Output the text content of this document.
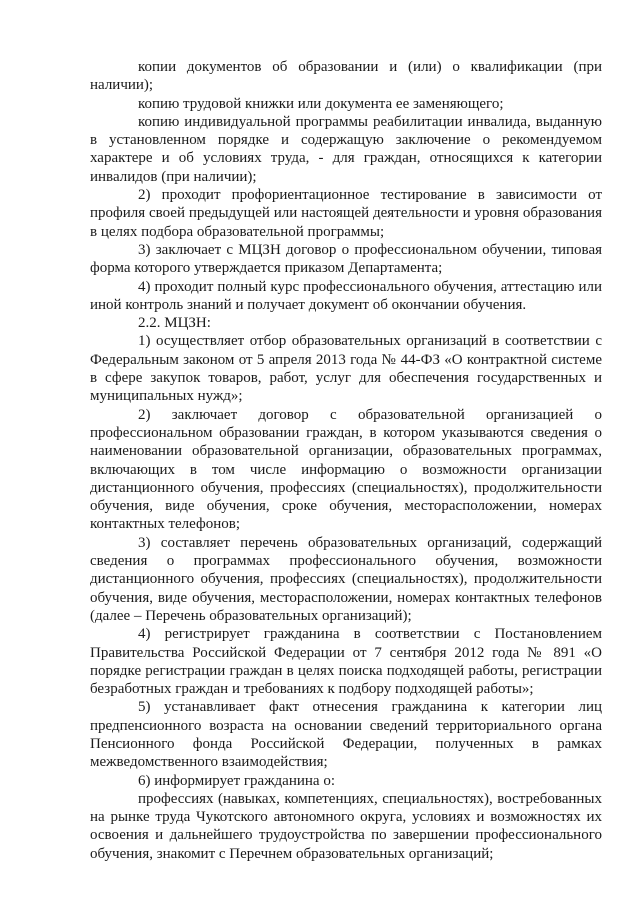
копии документов об образовании и (или) о квалификации (при наличии);

копию трудовой книжки или документа ее заменяющего;

копию индивидуальной программы реабилитации инвалида, выданную в установленном порядке и содержащую заключение о рекомендуемом характере и об условиях труда, - для граждан, относящихся к категории инвалидов (при наличии);

2) проходит профориентационное тестирование в зависимости от профиля своей предыдущей или настоящей деятельности и уровня образования в целях подбора образовательной программы;

3) заключает с МЦЗН договор о профессиональном обучении, типовая форма которого утверждается приказом Департамента;

4) проходит полный курс профессионального обучения, аттестацию или иной контроль знаний и получает документ об окончании обучения.

2.2. МЦЗН:

1) осуществляет отбор образовательных организаций в соответствии с Федеральным законом от 5 апреля 2013 года № 44-ФЗ «О контрактной системе в сфере закупок товаров, работ, услуг для обеспечения государственных и муниципальных нужд»;

2) заключает договор с образовательной организацией о профессиональном образовании граждан, в котором указываются сведения о наименовании образовательной организации, образовательных программах, включающих в том числе информацию о возможности организации дистанционного обучения, профессиях (специальностях), продолжительности обучения, виде обучения, сроке обучения, месторасположении, номерах контактных телефонов;

3) составляет перечень образовательных организаций, содержащий сведения о программах профессионального обучения, возможности дистанционного обучения, профессиях (специальностях), продолжительности обучения, виде обучения, месторасположении, номерах контактных телефонов (далее – Перечень образовательных организаций);

4) регистрирует гражданина в соответствии с Постановлением Правительства Российской Федерации от 7 сентября 2012 года № 891 «О порядке регистрации граждан в целях поиска подходящей работы, регистрации безработных граждан и требованиях к подбору подходящей работы»;

5) устанавливает факт отнесения гражданина к категории лиц предпенсионного возраста на основании сведений территориального органа Пенсионного фонда Российской Федерации, полученных в рамках межведомственного взаимодействия;

6) информирует гражданина о:

профессиях (навыках, компетенциях, специальностях), востребованных на рынке труда Чукотского автономного округа, условиях и возможностях их освоения и дальнейшего трудоустройства по завершении профессионального обучения, знакомит с Перечнем образовательных организаций;
